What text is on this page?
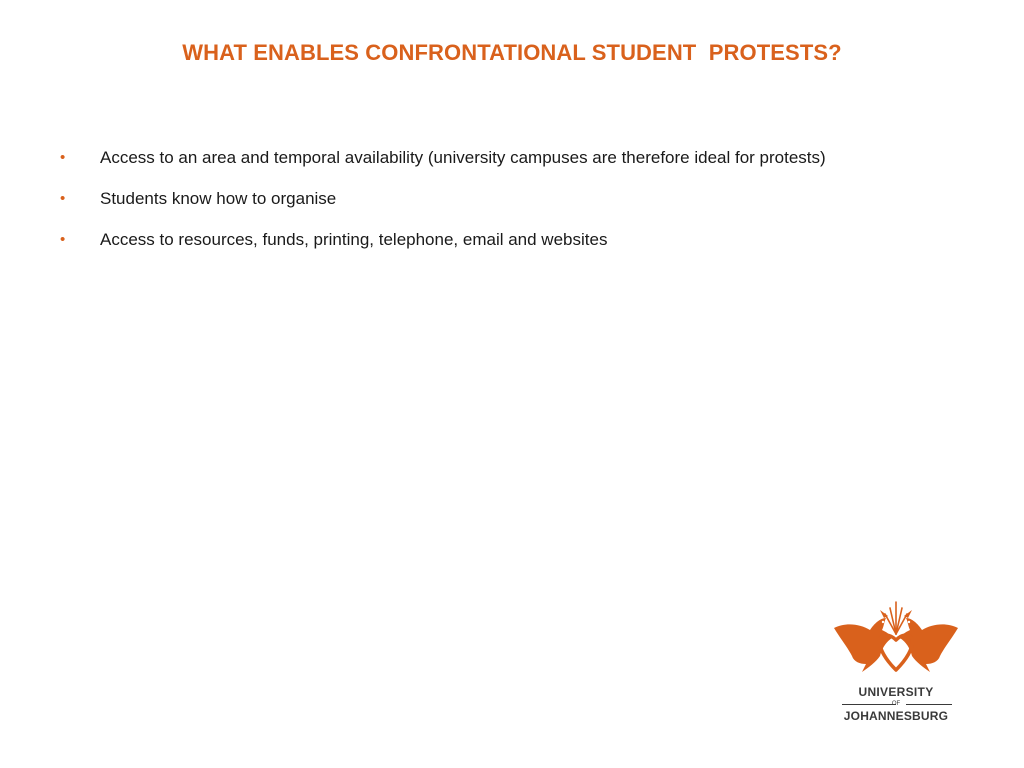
WHAT ENABLES CONFRONTATIONAL STUDENT  PROTESTS?
• Access to an area and temporal availability (university campuses are therefore ideal for protests)
• Students know how to organise
• Access to resources, funds, printing, telephone, email and websites
UNIVERSITY
OF
JOHANNESBURG
